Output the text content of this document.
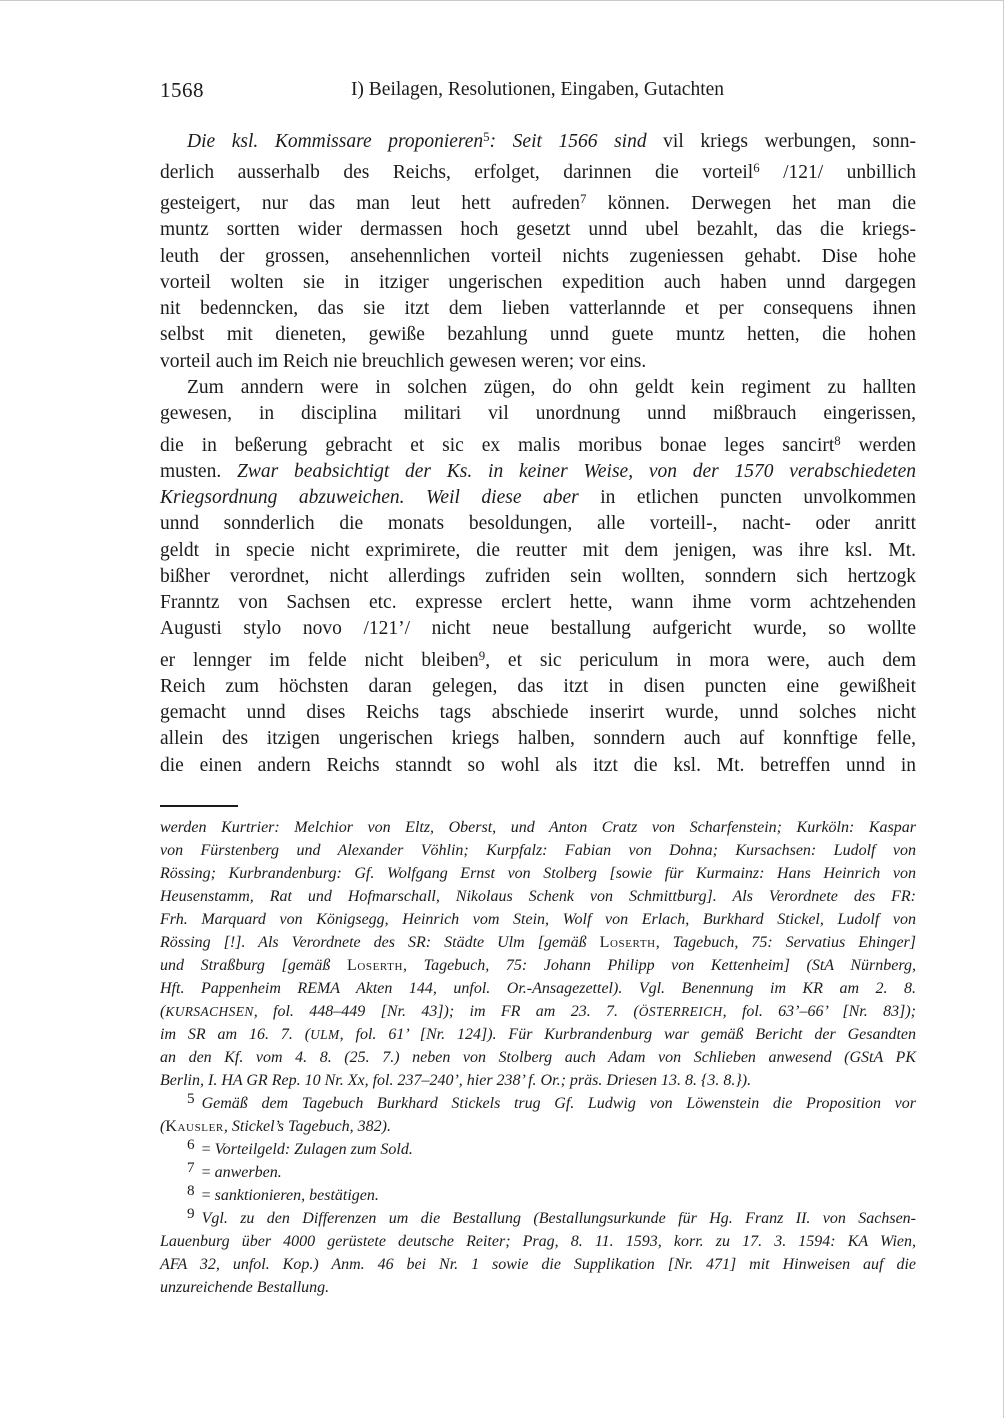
1568	I) Beilagen, Resolutionen, Eingaben, Gutachten
Die ksl. Kommissare proponieren$^5$: Seit 1566 sind vil kriegs werbungen, sonn-
derlich ausserhalb des Reichs, erfolget, darinnen die vorteil$^6$ /121/ unbillich
gesteigert, nur das man leut hett aufreden$^7$ können. Derwegen het man die
muntz sortten wider dermassen hoch gesetzt unnd ubel bezahlt, das die kriegs-
leuth der grossen, ansehennlichen vorteil nichts zugeniessen gehabt. Dise hohe
vorteil wolten sie in itziger ungerischen expedition auch haben unnd dargegen
nit bedenncken, das sie itzt dem lieben vatterlannde et per consequens ihnen
selbst mit dieneten, gewiße bezahlung unnd guete muntz hetten, die hohen
vorteil auch im Reich nie breuchlich gewesen weren; vor eins.
Zum anndern were in solchen zügen, do ohn geldt kein regiment zu hallten
gewesen, in disciplina militari vil unordnung unnd mißbrauch eingerissen,
die in beßerung gebracht et sic ex malis moribus bonae leges sancirt$^8$ werden
musten. Zwar beabsichtigt der Ks. in keiner Weise, von der 1570 verabschiedeten
Kriegsordnung abzuweichen. Weil diese aber in etlichen puncten unvolkommen
unnd sonnderlich die monats besoldungen, alle vorteill-, nacht- oder anritt
geldt in specie nicht exprimirete, die reutter mit dem jenigen, was ihre ksl. Mt.
bißher verordnet, nicht allerdings zufriden sein wollten, sonndern sich hertzogk
Franntz von Sachsen etc. expresse erclert hette, wann ihme vorm achtzehenden
Augusti stylo novo /121’/ nicht neue bestallung aufgericht wurde, so wollte
er lennger im felde nicht bleiben$^9$, et sic periculum in mora were, auch dem
Reich zum höchsten daran gelegen, das itzt in disen puncten eine gewißheit
gemacht unnd dises Reichs tags abschiede inserirt wurde, unnd solches nicht
allein des itzigen ungerischen kriegs halben, sonndern auch auf konnftige felle,
die einen andern Reichs stanndt so wohl als itzt die ksl. Mt. betreffen unnd in
werden Kurtrier: Melchior von Eltz, Oberst, und Anton Cratz von Scharfenstein; Kurköln: Kaspar
von Fürstenberg und Alexander Vöhlin; Kurpfalz: Fabian von Dohna; Kursachsen: Ludolf von
Rössing; Kurbrandenburg: Gf. Wolfgang Ernst von Stolberg [sowie für Kurmainz: Hans Heinrich von
Heusenstamm, Rat und Hofmarschall, Nikolaus Schenk von Schmittburg]. Als Verordnete des FR:
Frh. Marquard von Königsegg, Heinrich vom Stein, Wolf von Erlach, Burkhard Stickel, Ludolf von
Rössing [!]. Als Verordnete des SR: Städte Ulm [gemäß Loserth, Tagebuch, 75: Servatius Ehinger]
und Straßburg [gemäß Loserth, Tagebuch, 75: Johann Philipp von Kettenheim] (StA Nürnberg,
Hft. Pappenheim REMA Akten 144, unfol. Or.-Ansagezettel). Vgl. Benennung im KR am 2. 8.
(KURSACHSEN, fol. 448–449 [Nr. 43]); im FR am 23. 7. (ÖSTERREICH, fol. 63’–66’ [Nr. 83]);
im SR am 16. 7. (ULM, fol. 61’ [Nr. 124]). Für Kurbrandenburg war gemäß Bericht der Gesandten
an den Kf. vom 4. 8. (25. 7.) neben von Stolberg auch Adam von Schlieben anwesend (GStA PK
Berlin, I. HA GR Rep. 10 Nr. Xx, fol. 237–240’, hier 238’ f. Or.; präs. Driesen 13. 8. {3. 8.}).
5 Gemäß dem Tagebuch Burkhard Stickels trug Gf. Ludwig von Löwenstein die Proposition vor
(Kausler, Stickel’s Tagebuch, 382).
6 = Vorteilgeld: Zulagen zum Sold.
7 = anwerben.
8 = sanktionieren, bestätigen.
9 Vgl. zu den Differenzen um die Bestallung (Bestallungsurkunde für Hg. Franz II. von Sachsen-
Lauenburg über 4000 gerüstete deutsche Reiter; Prag, 8. 11. 1593, korr. zu 17. 3. 1594: KA Wien,
AFA 32, unfol. Kop.) Anm. 46 bei Nr. 1 sowie die Supplikation [Nr. 471] mit Hinweisen auf die
unzureichende Bestallung.
